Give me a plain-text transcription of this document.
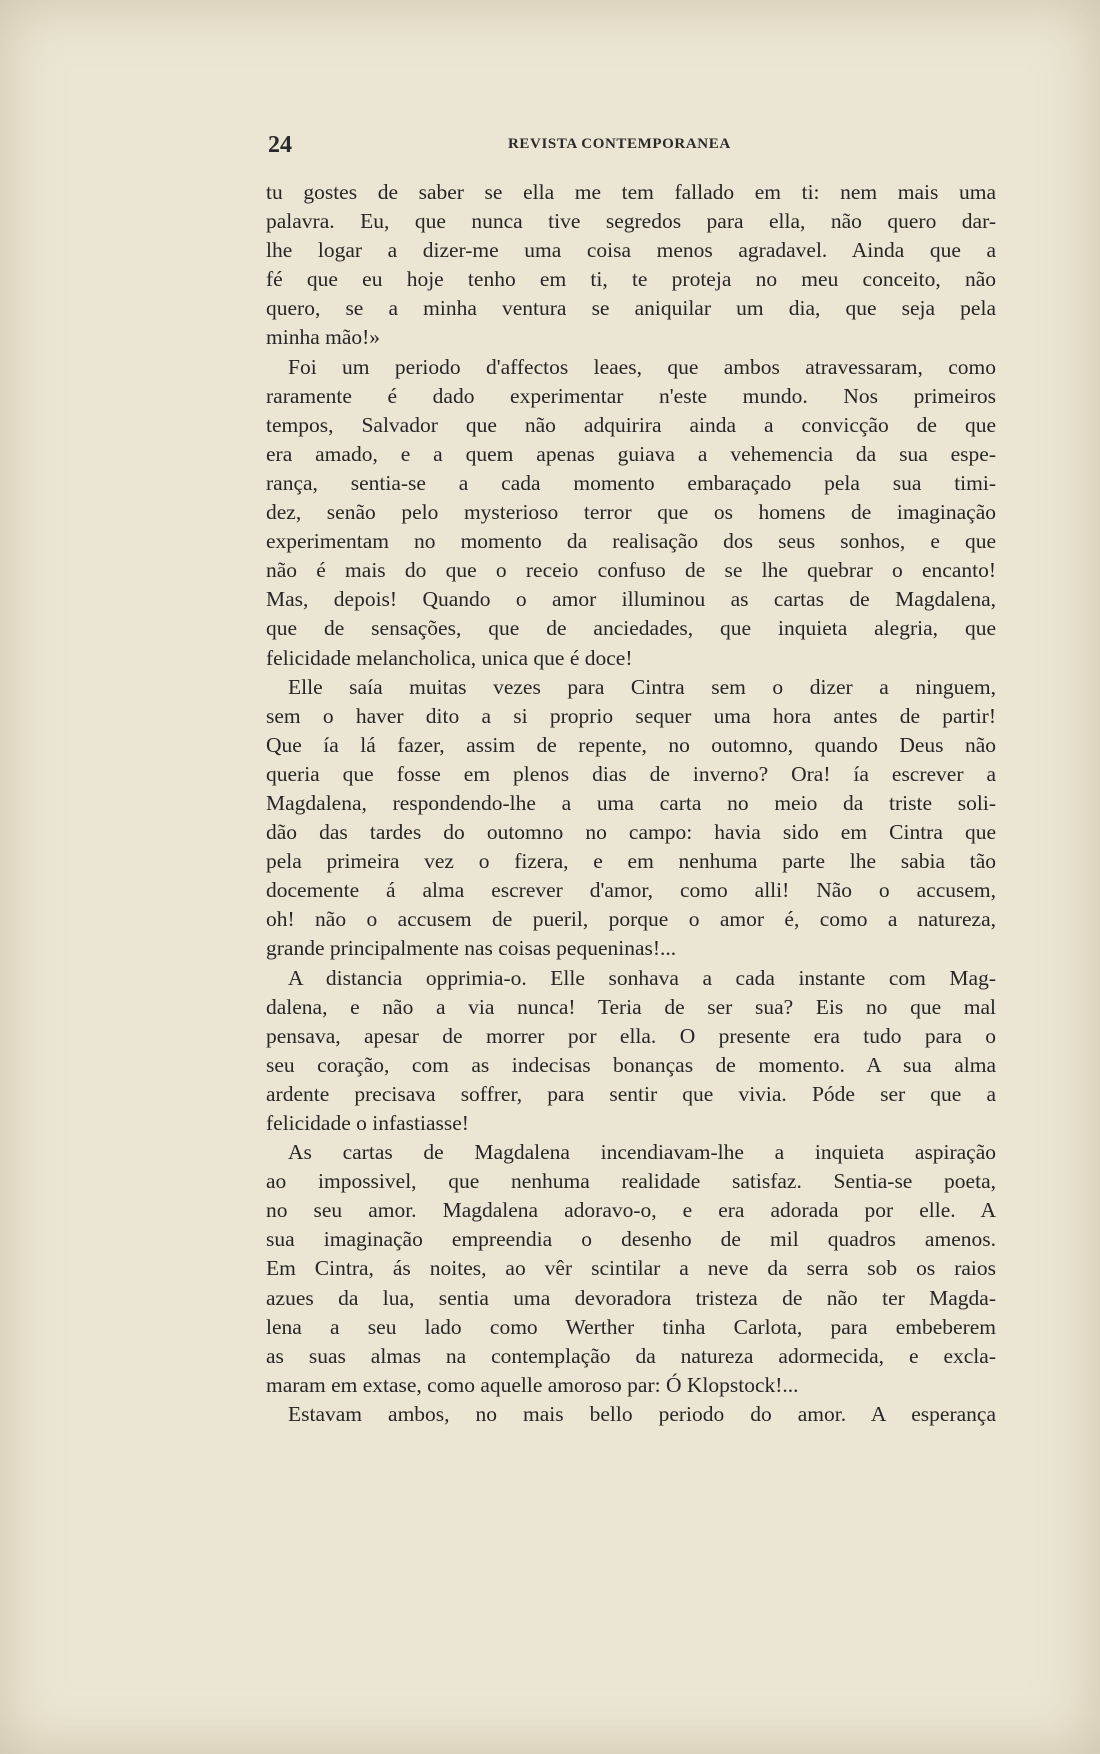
24	REVISTA CONTEMPORANEA
tu gostes de saber se ella me tem fallado em ti: nem mais uma
palavra. Eu, que nunca tive segredos para ella, não quero dar-
lhe logar a dizer-me uma coisa menos agradavel. Ainda que a
fé que eu hoje tenho em ti, te proteja no meu conceito, não
quero, se a minha ventura se aniquilar um dia, que seja pela
minha mão!»
Foi um periodo d'affectos leaes, que ambos atravessaram, como
raramente é dado experimentar n'este mundo. Nos primeiros
tempos, Salvador que não adquirira ainda a convicção de que
era amado, e a quem apenas guiava a vehemencia da sua espe-
rança, sentia-se a cada momento embaraçado pela sua timi-
dez, senão pelo mysterioso terror que os homens de imaginação
experimentam no momento da realisação dos seus sonhos, e que
não é mais do que o receio confuso de se lhe quebrar o encanto!
Mas, depois! Quando o amor illuminou as cartas de Magdalena,
que de sensações, que de anciedades, que inquieta alegria, que
felicidade melancholica, unica que é doce!
Elle saía muitas vezes para Cintra sem o dizer a ninguem,
sem o haver dito a si proprio sequer uma hora antes de partir!
Que ía lá fazer, assim de repente, no outomno, quando Deus não
queria que fosse em plenos dias de inverno? Ora! ía escrever a
Magdalena, respondendo-lhe a uma carta no meio da triste soli-
dão das tardes do outomno no campo: havia sido em Cintra que
pela primeira vez o fizera, e em nenhuma parte lhe sabia tão
docemente á alma escrever d'amor, como alli! Não o accusem,
oh! não o accusem de pueril, porque o amor é, como a natureza,
grande principalmente nas coisas pequeninas!...
A distancia opprimia-o. Elle sonhava a cada instante com Mag-
dalena, e não a via nunca! Teria de ser sua? Eis no que mal
pensava, apesar de morrer por ella. O presente era tudo para o
seu coração, com as indecisas bonanças de momento. A sua alma
ardente precisava soffrer, para sentir que vivia. Póde ser que a
felicidade o infastiasse!
As cartas de Magdalena incendiavam-lhe a inquieta aspiração
ao impossivel, que nenhuma realidade satisfaz. Sentia-se poeta,
no seu amor. Magdalena adoravo-o, e era adorada por elle. A
sua imaginação empreendia o desenho de mil quadros amenos.
Em Cintra, ás noites, ao vêr scintilar a neve da serra sob os raios
azues da lua, sentia uma devoradora tristeza de não ter Magda-
lena a seu lado como Werther tinha Carlota, para embeberem
as suas almas na contemplação da natureza adormecida, e excla-
maram em extase, como aquelle amoroso par: Ó Klopstock!...
Estavam ambos, no mais bello periodo do amor. A esperança
